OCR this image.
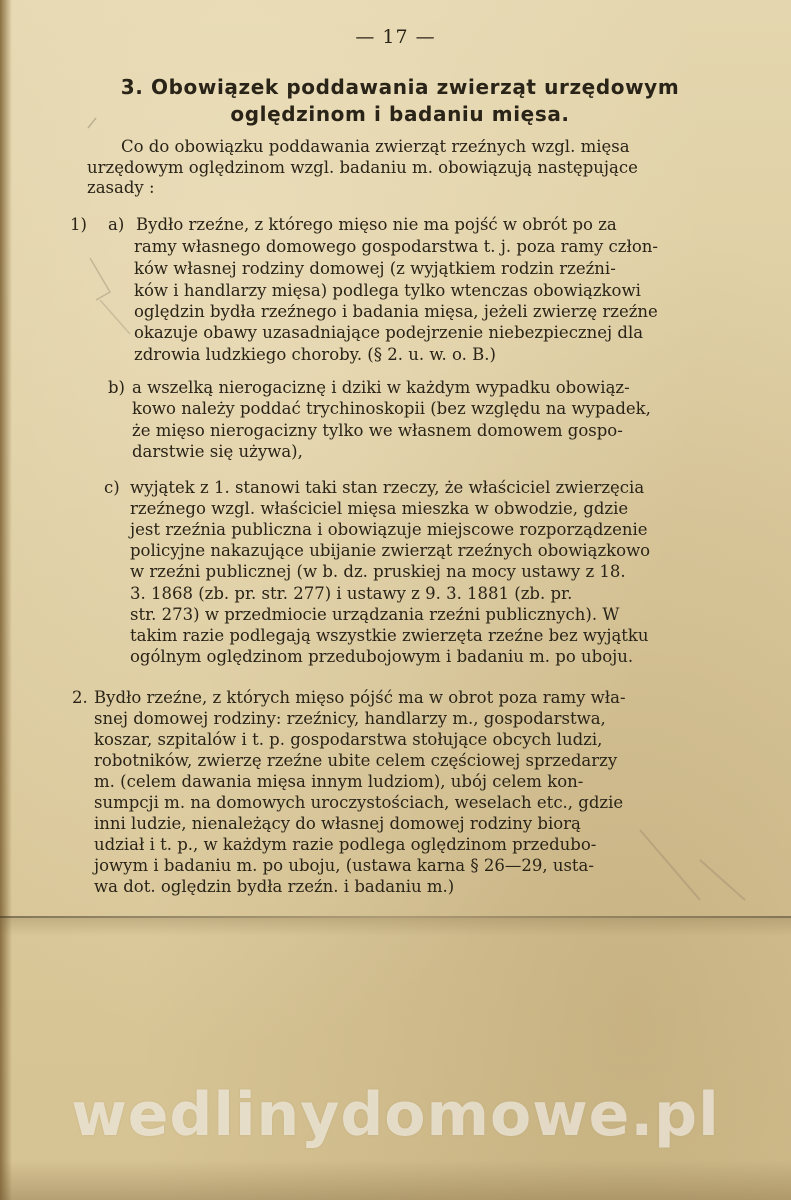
— 17 —
3. Obowiązek poddawania zwierząt urzędowym
oględzinom i badaniu mięsa.
Co do obowiązku poddawania zwierząt rzeźnych wzgl. mięsa
urzędowym oględzinom wzgl. badaniu m. obowiązują następujące
zasady :
1) a) Bydło rzeźne, z którego mięso nie ma pojść w obrót po za
ramy własnego domowego gospodarstwa t. j. poza ramy człon-
ków własnej rodziny domowej (z wyjątkiem rodzin rzeźni-
ków i handlarzy mięsa) podlega tylko wtenczas obowiązkowi
oględzin bydła rzeźnego i badania mięsa, jeżeli zwierzę rzeźne
okazuje obawy uzasadniające podejrzenie niebezpiecznej dla
zdrowia ludzkiego choroby. (§ 2. u. w. o. B.)
b) a wszelką nierogaciznę i dziki w każdym wypadku obowiąz-
kowo należy poddać trychinoskopii (bez względu na wypadek,
że mięso nierogacizny tylko we własnem domowem gospo-
darstwie się używa),
c) wyjątek z 1. stanowi taki stan rzeczy, że właściciel zwierzęcia
rzeźnego wzgl. właściciel mięsa mieszka w obwodzie, gdzie
jest rzeźnia publiczna i obowiązuje miejscowe rozporządzenie
policyjne nakazujące ubijanie zwierząt rzeźnych obowiązkowo
w rzeźni publicznej (w b. dz. pruskiej na mocy ustawy z 18.
3. 1868 (zb. pr. str. 277) i ustawy z 9. 3. 1881 (zb. pr.
str. 273) w przedmiocie urządzania rzeźni publicznych). W
takim razie podlegają wszystkie zwierzęta rzeźne bez wyjątku
ogólnym oględzinom przedubojowym i badaniu m. po uboju.
2. Bydło rzeźne, z których mięso pójść ma w obrot poza ramy wła-
snej domowej rodziny: rzeźnicy, handlarzy m., gospodarstwa,
koszar, szpitalów i t. p. gospodarstwa stołujące obcych ludzi,
robotników, zwierzę rzeźne ubite celem częściowej sprzedarzy
m. (celem dawania mięsa innym ludziom), ubój celem kon-
sumpcji m. na domowych uroczystościach, weselach etc., gdzie
inni ludzie, nienależący do własnej domowej rodziny biorą
udział i t. p., w każdym razie podlega oględzinom przedubo-
jowym i badaniu m. po uboju, (ustawa karna § 26—29, usta-
wa dot. oględzin bydła rzeźn. i badaniu m.)
wedlinydomowe.pl
